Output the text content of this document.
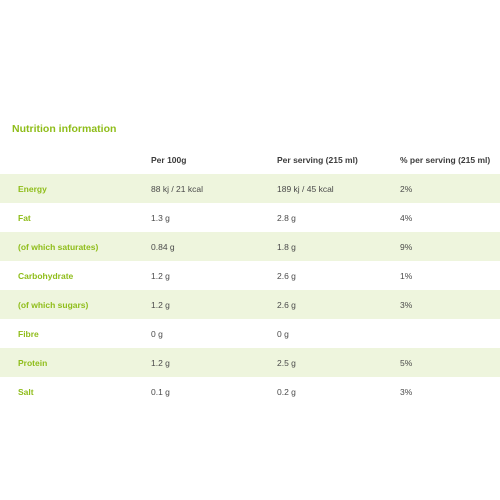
Nutrition information
	Per 100g	Per serving (215 ml)	% per serving (215 ml)
Energy	88 kj / 21 kcal	189 kj / 45 kcal	2%
Fat	1.3 g	2.8 g	4%
(of which saturates)	0.84 g	1.8 g	9%
Carbohydrate	1.2 g	2.6 g	1%
(of which sugars)	1.2 g	2.6 g	3%
Fibre	0 g	0 g	
Protein	1.2 g	2.5 g	5%
Salt	0.1 g	0.2 g	3%
